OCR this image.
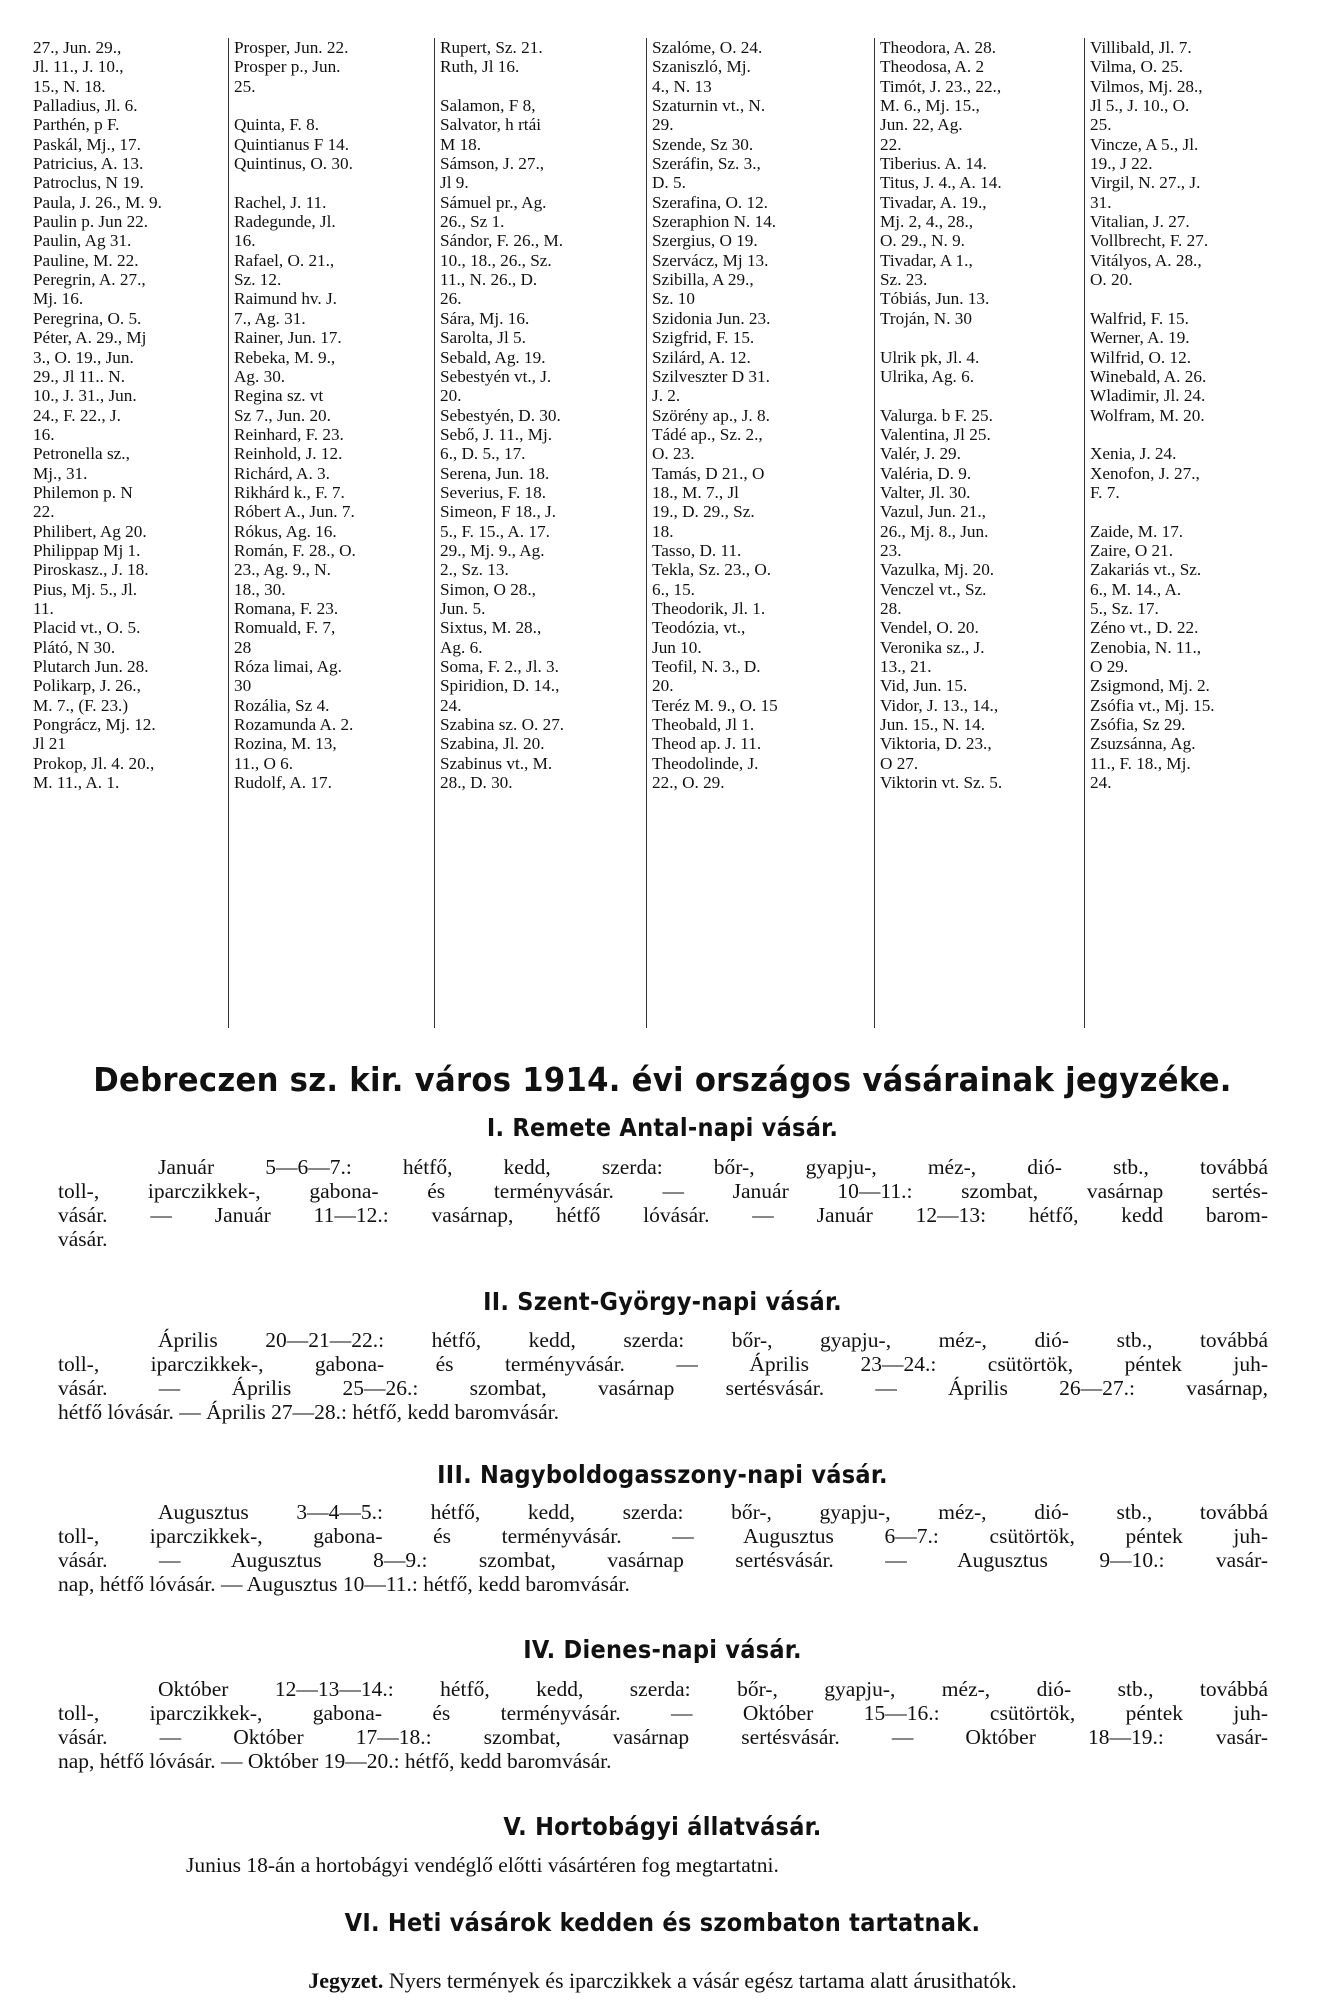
27., Jun. 29.,
Jl. 11., J. 10.,
15., N. 18.
Palladius, Jl. 6.
Parthén, p F.
Paskál, Mj., 17.
Patricius, A. 13.
Patroclus, N 19.
Paula, J. 26., M. 9.
Paulin p. Jun 22.
Paulin, Ag 31.
Pauline, M. 22.
Peregrin, A. 27.,
Mj. 16.
Peregrina, O. 5.
Péter, A. 29., Mj
3., O. 19., Jun.
29., Jl 11.. N.
10., J. 31., Jun.
24., F. 22., J.
16.
Petronella sz.,
Mj., 31.
Philemon p. N
22.
Philibert, Ag 20.
Philippap Mj 1.
Piroskasz., J. 18.
Pius, Mj. 5., Jl.
11.
Placid vt., O. 5.
Plátó, N 30.
Plutarch Jun. 28.
Polikarp, J. 26.,
M. 7., (F. 23.)
Pongrácz, Mj. 12.
Jl 21
Prokop, Jl. 4. 20.,
M. 11., A. 1.
Prosper, Jun. 22.
Prosper p., Jun.
25.
Quinta, F. 8.
Quintianus F 14.
Quintinus, O. 30.
Rachel, J. 11.
Radegunde, Jl.
16.
Rafael, O. 21.,
Sz. 12.
Raimund hv. J.
7., Ag. 31.
Rainer, Jun. 17.
Rebeka, M. 9.,
Ag. 30.
Regina sz. vt
Sz 7., Jun. 20.
Reinhard, F. 23.
Reinhold, J. 12.
Richárd, A. 3.
Rikhárd k., F. 7.
Róbert A., Jun. 7.
Rókus, Ag. 16.
Román, F. 28., O.
23., Ag. 9., N.
18., 30.
Romana, F. 23.
Romuald, F. 7,
28
Róza limai, Ag.
30
Rozália, Sz 4.
Rozamunda A. 2.
Rozina, M. 13,
11., O 6.
Rudolf, A. 17.
Rupert, Sz. 21.
Ruth, Jl 16.
Salamon, F 8,
Salvator, h rtái
M 18.
Sámson, J. 27.,
Jl 9.
Sámuel pr., Ag.
26., Sz 1.
Sándor, F. 26., M.
10., 18., 26., Sz.
11., N. 26., D.
26.
Sára, Mj. 16.
Sarolta, Jl 5.
Sebald, Ag. 19.
Sebestyén vt., J.
20.
Sebestyén, D. 30.
Sebő, J. 11., Mj.
6., D. 5., 17.
Serena, Jun. 18.
Severius, F. 18.
Simeon, F 18., J.
5., F. 15., A. 17.
29., Mj. 9., Ag.
2., Sz. 13.
Simon, O 28.,
Jun. 5.
Sixtus, M. 28.,
Ag. 6.
Soma, F. 2., Jl. 3.
Spiridion, D. 14.,
24.
Szabina sz. O. 27.
Szabina, Jl. 20.
Szabinus vt., M.
28., D. 30.
Szalóme, O. 24.
Szaniszló, Mj.
4., N. 13
Szaturnin vt., N.
29.
Szende, Sz 30.
Szeráfin, Sz. 3.,
D. 5.
Szerafina, O. 12.
Szeraphion N. 14.
Szergius, O 19.
Szervácz, Mj 13.
Szibilla, A 29.,
Sz. 10
Szidonia Jun. 23.
Szigfrid, F. 15.
Szilárd, A. 12.
Szilveszter D 31.
J. 2.
Szörény ap., J. 8.
Tádé ap., Sz. 2.,
O. 23.
Tamás, D 21., O
18., M. 7., Jl
19., D. 29., Sz.
18.
Tasso, D. 11.
Tekla, Sz. 23., O.
6., 15.
Theodorik, Jl. 1.
Teodózia, vt.,
Jun 10.
Teofil, N. 3., D.
20.
Teréz M. 9., O. 15
Theobald, Jl 1.
Theod ap. J. 11.
Theodolinde, J.
22., O. 29.
Theodora, A. 28.
Theodosa, A. 2
Timót, J. 23., 22.,
M. 6., Mj. 15.,
Jun. 22, Ag.
22.
Tiberius. A. 14.
Titus, J. 4., A. 14.
Tivadar, A. 19.,
Mj. 2, 4., 28.,
O. 29., N. 9.
Tivadar, A 1.,
Sz. 23.
Tóbiás, Jun. 13.
Troján, N. 30
Ulrik pk, Jl. 4.
Ulrika, Ag. 6.
Valurga. b F. 25.
Valentina, Jl 25.
Valér, J. 29.
Valéria, D. 9.
Valter, Jl. 30.
Vazul, Jun. 21.,
26., Mj. 8., Jun.
23.
Vazulka, Mj. 20.
Venczel vt., Sz.
28.
Vendel, O. 20.
Veronika sz., J.
13., 21.
Vid, Jun. 15.
Vidor, J. 13., 14.,
Jun. 15., N. 14.
Viktoria, D. 23.,
O 27.
Viktorin vt. Sz. 5.
Villibald, Jl. 7.
Vilma, O. 25.
Vilmos, Mj. 28.,
Jl 5., J. 10., O.
25.
Vincze, A 5., Jl.
19., J 22.
Virgil, N. 27., J.
31.
Vitalian, J. 27.
Vollbrecht, F. 27.
Vitályos, A. 28.,
O. 20.
Walfrid, F. 15.
Werner, A. 19.
Wilfrid, O. 12.
Winebald, A. 26.
Wladimir, Jl. 24.
Wolfram, M. 20.
Xenia, J. 24.
Xenofon, J. 27.,
F. 7.
Zaide, M. 17.
Zaire, O 21.
Zakariás vt., Sz.
6., M. 14., A.
5., Sz. 17.
Zéno vt., D. 22.
Zenobia, N. 11.,
O 29.
Zsigmond, Mj. 2.
Zsófia vt., Mj. 15.
Zsófia, Sz 29.
Zsuzsánna, Ag.
11., F. 18., Mj.
24.
Debreczen sz. kir. város 1914. évi országos vásárainak jegyzéke.
I. Remete Antal-napi vásár.
Január 5—6—7.: hétfő, kedd, szerda: bőr-, gyapju-, méz-, dió- stb., továbbá
toll-, iparczikkek-, gabona- és terményvásár. — Január 10—11.: szombat, vasárnap sertés-
vásár. — Január 11—12.: vasárnap, hétfő lóvásár. — Január 12—13: hétfő, kedd barom-
vásár.
II. Szent-György-napi vásár.
Április 20—21—22.: hétfő, kedd, szerda: bőr-, gyapju-, méz-, dió- stb., továbbá
toll-, iparczikkek-, gabona- és terményvásár. — Április 23—24.: csütörtök, péntek juh-
vásár. — Április 25—26.: szombat, vasárnap sertésvásár. — Április 26—27.: vasárnap,
hétfő lóvásár. — Április 27—28.: hétfő, kedd baromvásár.
III. Nagyboldogasszony-napi vásár.
Augusztus 3—4—5.: hétfő, kedd, szerda: bőr-, gyapju-, méz-, dió- stb., továbbá
toll-, iparczikkek-, gabona- és terményvásár. — Augusztus 6—7.: csütörtök, péntek juh-
vásár. — Augusztus 8—9.: szombat, vasárnap sertésvásár. — Augusztus 9—10.: vasár-
nap, hétfő lóvásár. — Augusztus 10—11.: hétfő, kedd baromvásár.
IV. Dienes-napi vásár.
Október 12—13—14.: hétfő, kedd, szerda: bőr-, gyapju-, méz-, dió- stb., továbbá
toll-, iparczikkek-, gabona- és terményvásár. — Október 15—16.: csütörtök, péntek juh-
vásár. — Október 17—18.: szombat, vasárnap sertésvásár. — Október 18—19.: vasár-
nap, hétfő lóvásár. — Október 19—20.: hétfő, kedd baromvásár.
V. Hortobágyi állatvásár.
Junius 18-án a hortobágyi vendéglő előtti vásártéren fog megtartatni.
VI. Heti vásárok kedden és szombaton tartatnak.
Jegyzet. Nyers termények és iparczikkek a vásár egész tartama alatt árusithatók.
